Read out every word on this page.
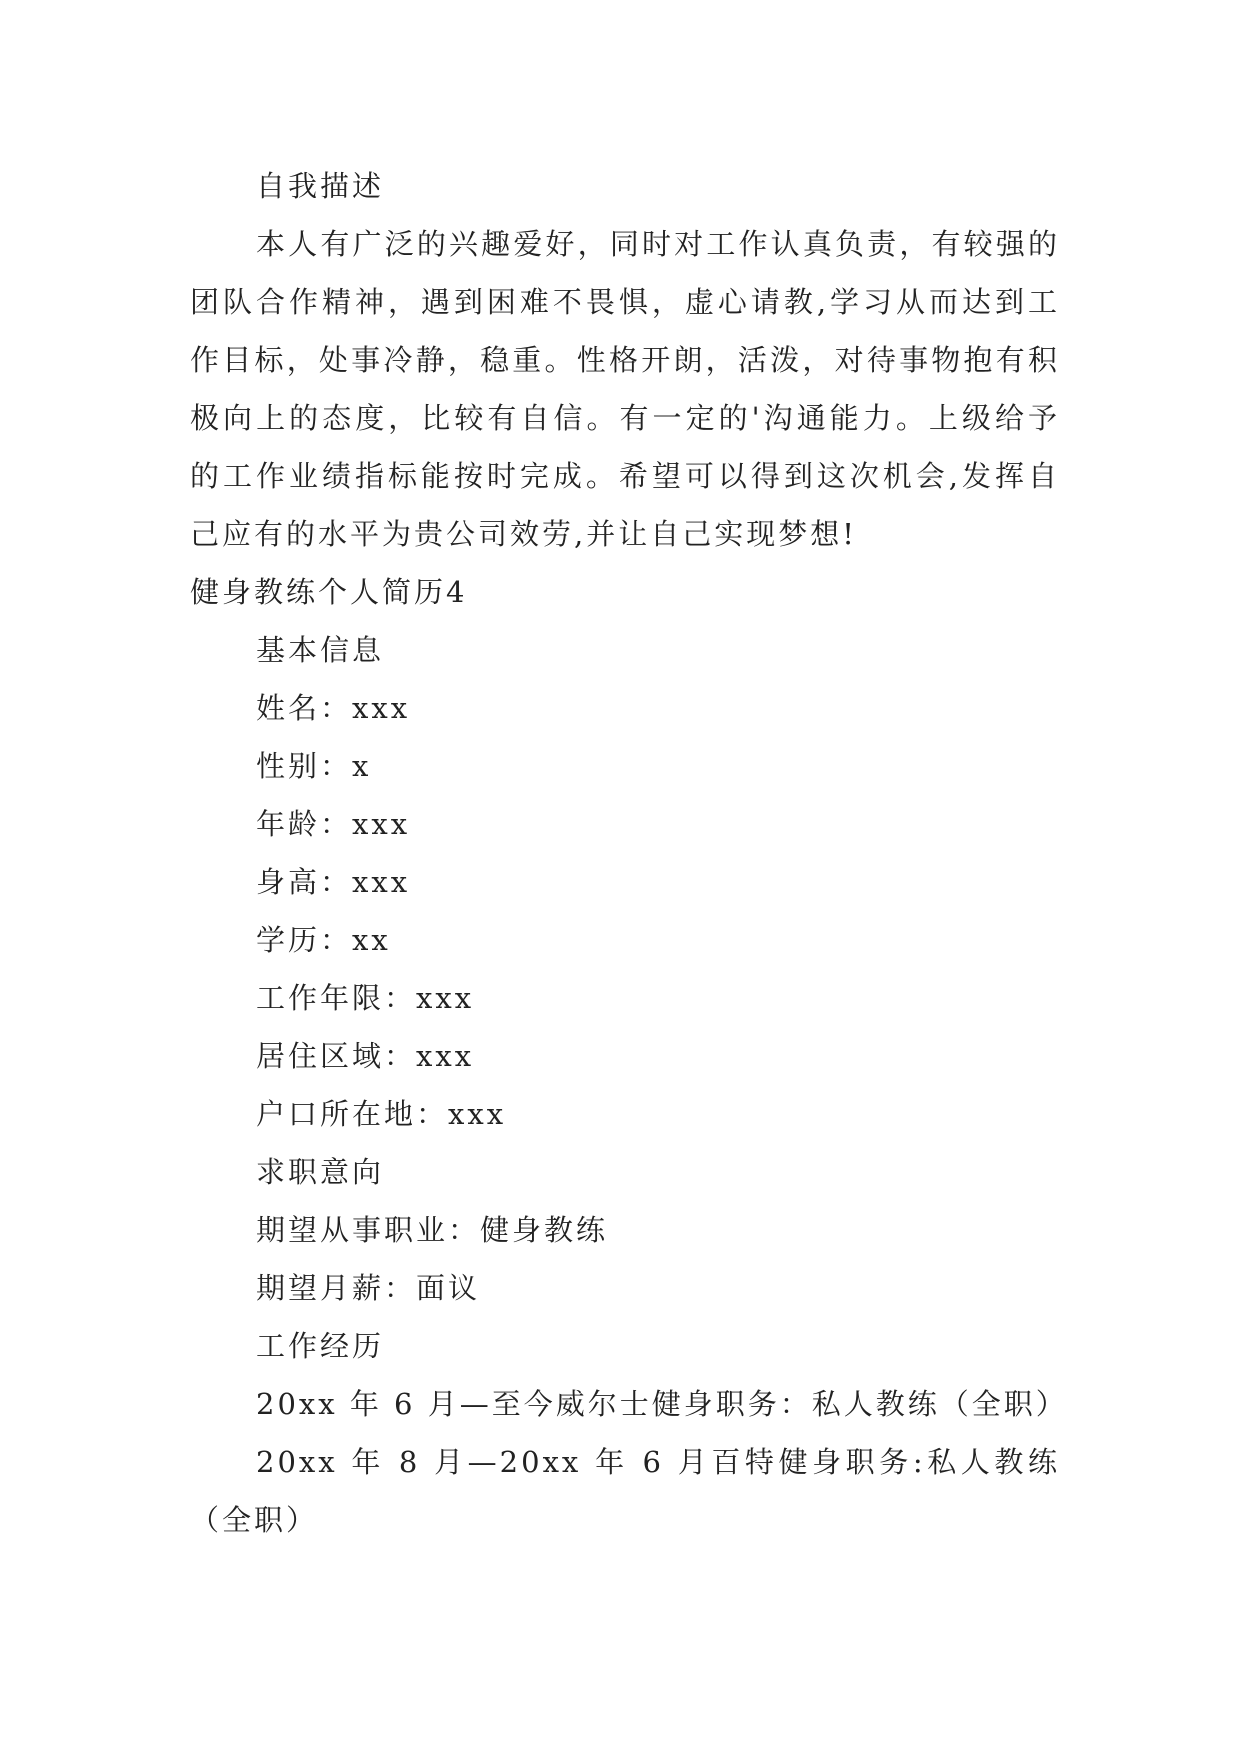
自我描述

本人有广泛的兴趣爱好，同时对工作认真负责，有较强的团队合作精神，遇到困难不畏惧，虚心请教,学习从而达到工作目标，处事冷静，稳重。性格开朗，活泼，对待事物抱有积极向上的态度，比较有自信。有一定的'沟通能力。上级给予的工作业绩指标能按时完成。希望可以得到这次机会,发挥自己应有的水平为贵公司效劳,并让自己实现梦想!

健身教练个人简历4

基本信息

姓名：xxx

性别：x

年龄：xxx

身高：xxx

学历：xx

工作年限：xxx

居住区域：xxx

户口所在地：xxx

求职意向

期望从事职业：健身教练

期望月薪：面议

工作经历

20xx 年 6 月—至今威尔士健身职务：私人教练（全职）

20xx 年 8 月—20xx 年 6 月百特健身职务:私人教练（全职）
